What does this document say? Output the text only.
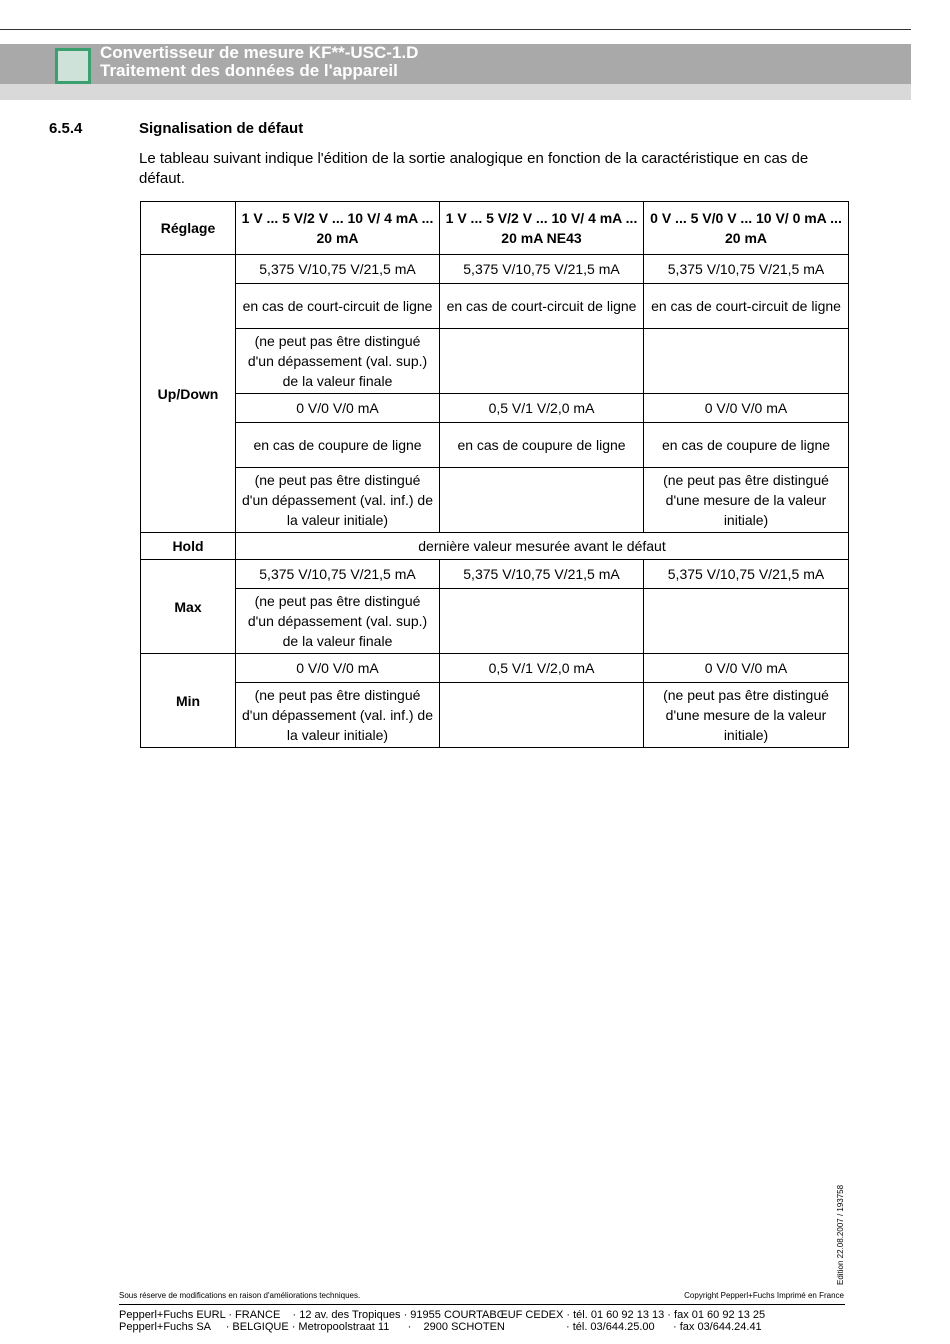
Convertisseur de mesure KF**-USC-1.D
Traitement des données de l'appareil
6.5.4	Signalisation de défaut
Le tableau suivant indique l'édition de la sortie analogique en fonction de la caractéristique en cas de défaut.
Réglage	1 V ... 5 V/2 V ... 10 V/ 4 mA ... 20 mA	1 V ... 5 V/2 V ... 10 V/ 4 mA ... 20 mA NE43	0 V ... 5 V/0 V ... 10 V/ 0 mA ... 20 mA
Up/Down	5,375 V/10,75 V/21,5 mA	5,375 V/10,75 V/21,5 mA	5,375 V/10,75 V/21,5 mA
	en cas de court-circuit de ligne	en cas de court-circuit de ligne	en cas de court-circuit de ligne
	(ne peut pas être distingué d'un dépassement (val. sup.) de la valeur finale		
	0 V/0 V/0 mA	0,5 V/1 V/2,0 mA	0 V/0 V/0 mA
	en cas de coupure de ligne	en cas de coupure de ligne	en cas de coupure de ligne
	(ne peut pas être distingué d'un dépassement (val. inf.) de la valeur initiale)		(ne peut pas être distingué d'une mesure de la valeur initiale)
Hold	dernière valeur mesurée avant le défaut		
Max	5,375 V/10,75 V/21,5 mA	5,375 V/10,75 V/21,5 mA	5,375 V/10,75 V/21,5 mA
	(ne peut pas être distingué d'un dépassement (val. sup.) de la valeur finale		
Min	0 V/0 V/0 mA	0,5 V/1 V/2,0 mA	0 V/0 V/0 mA
	(ne peut pas être distingué d'un dépassement (val. inf.) de la valeur initiale)		(ne peut pas être distingué d'une mesure de la valeur initiale)
Edition 22.08.2007 / 193758
Sous réserve de modifications en raison d'améliorations techniques.	Copyright Pepperl+Fuchs Imprimé en France
Pepperl+Fuchs EURL · FRANCE    · 12 av. des Tropiques · 91955 COURTABŒUF CEDEX · tél. 01 60 92 13 13 · fax 01 60 92 13 25
Pepperl+Fuchs SA     · BELGIQUE · Metropoolstraat 11      ·    2900 SCHOTEN                    · tél. 03/644.25.00      · fax 03/644.24.41
